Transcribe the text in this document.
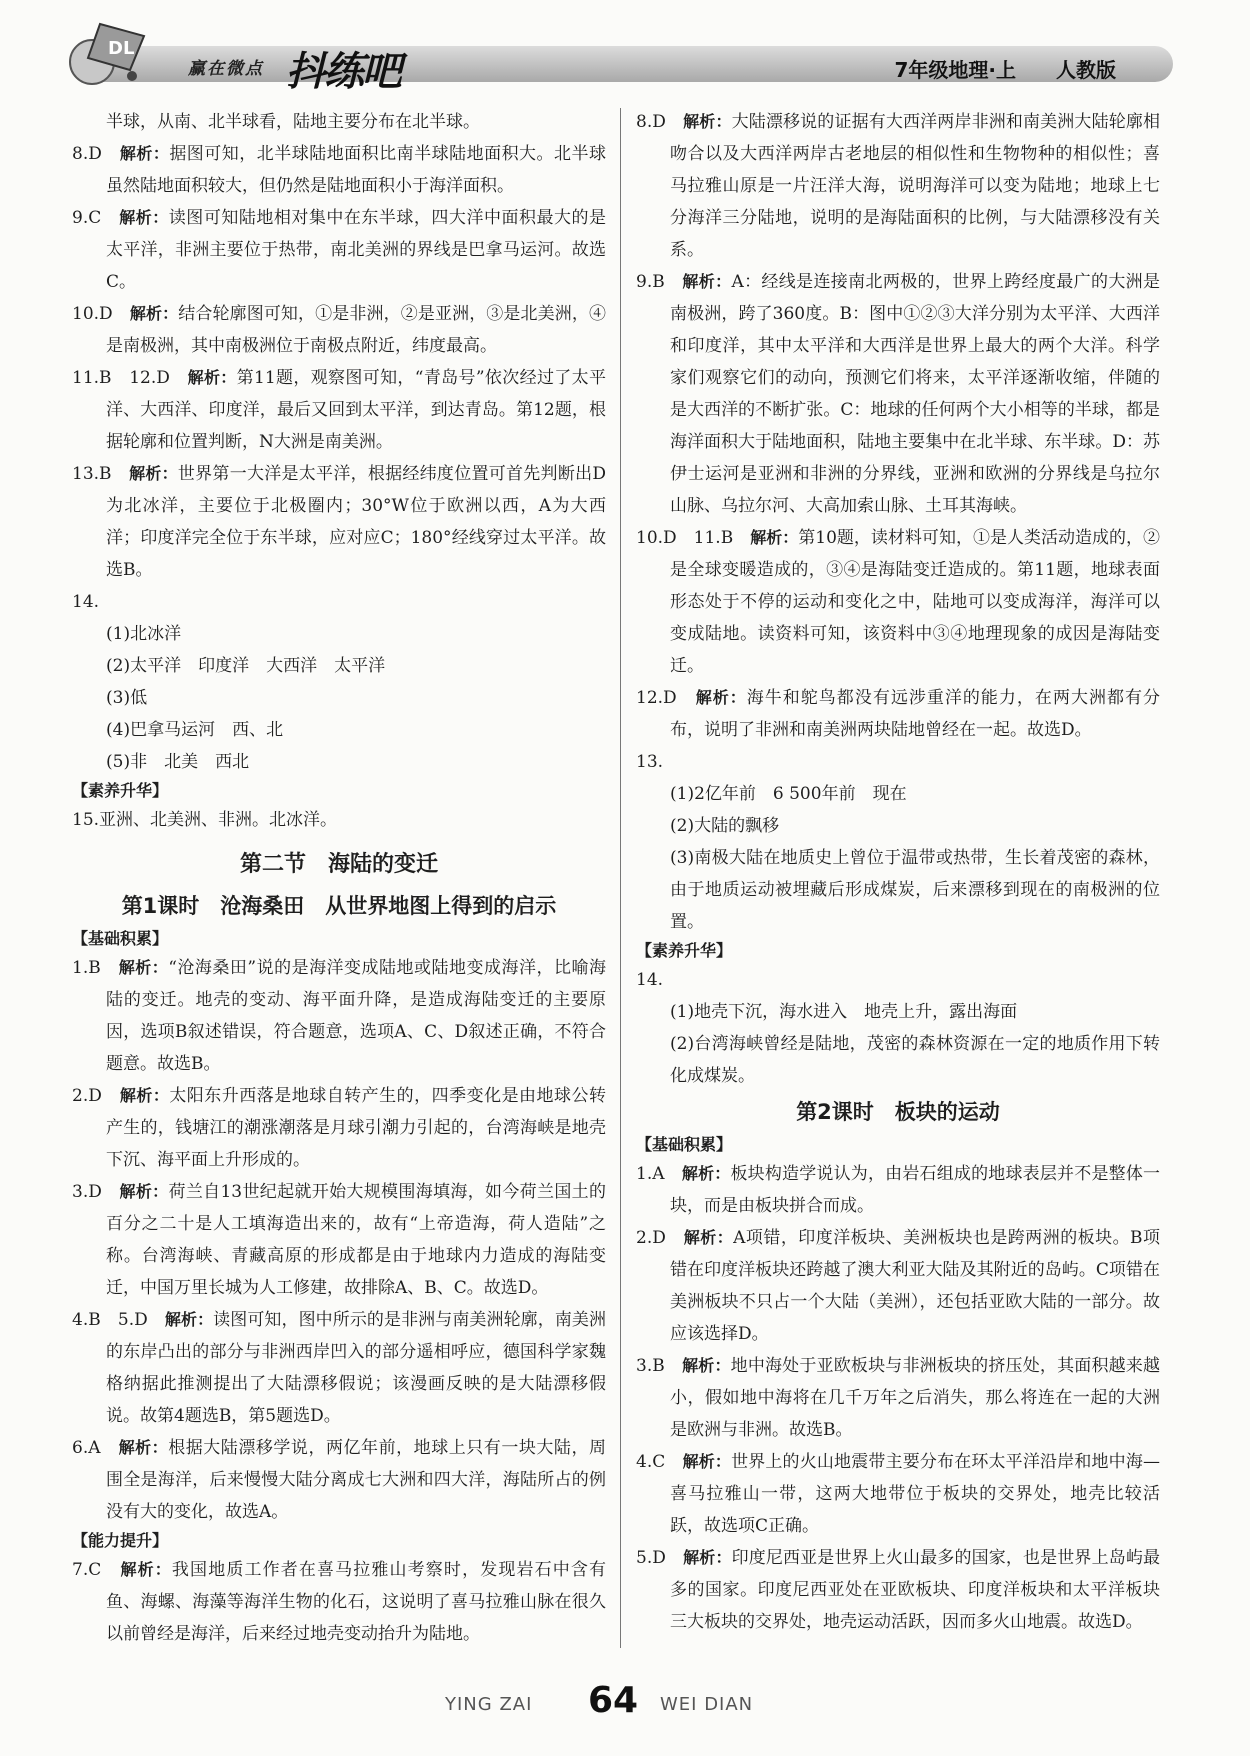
DL
赢在微点 抖练吧	7年级地理·上 人教版

半球，从南、北半球看，陆地主要分布在北半球。

8.D　 解析：据图可知，北半球陆地面积比南半球陆地面积大。北半球虽然陆地面积较大，但仍然是陆地面积小于海洋面积。

9.C　 解析：读图可知陆地相对集中在东半球，四大洋中面积最大的是太平洋，非洲主要位于热带，南北美洲的界线是巴拿马运河。故选C。

10.D　 解析：结合轮廓图可知，①是非洲，②是亚洲，③是北美洲，④是南极洲，其中南极洲位于南极点附近，纬度最高。

11.B　12.D　 解析：第11题，观察图可知，“青岛号”依次经过了太平洋、大西洋、印度洋，最后又回到太平洋，到达青岛。第12题，根据轮廓和位置判断，N大洲是南美洲。

13.B　 解析：世界第一大洋是太平洋，根据经纬度位置可首先判断出D为北冰洋，主要位于北极圈内；30°W位于欧洲以西，A为大西洋；印度洋完全位于东半球，应对应C；180°经线穿过太平洋。故选B。

14.

(1)北冰洋

(2)太平洋　印度洋　大西洋　太平洋

(3)低

(4)巴拿马运河　西、北

(5)非　北美　西北

【素养升华】

15.亚洲、北美洲、非洲。北冰洋。

第二节　海陆的变迁

第1课时　沧海桑田　从世界地图上得到的启示

【基础积累】

1.B　 解析：“沧海桑田”说的是海洋变成陆地或陆地变成海洋，比喻海陆的变迁。地壳的变动、海平面升降，是造成海陆变迁的主要原因，选项B叙述错误，符合题意，选项A、C、D叙述正确，不符合题意。故选B。

2.D　 解析：太阳东升西落是地球自转产生的，四季变化是由地球公转产生的，钱塘江的潮涨潮落是月球引潮力引起的，台湾海峡是地壳下沉、海平面上升形成的。

3.D　 解析：荷兰自13世纪起就开始大规模围海填海，如今荷兰国土的百分之二十是人工填海造出来的，故有“上帝造海，荷人造陆”之称。台湾海峡、青藏高原的形成都是由于地球内力造成的海陆变迁，中国万里长城为人工修建，故排除A、B、C。故选D。

4.B　5.D　 解析：读图可知，图中所示的是非洲与南美洲轮廓，南美洲的东岸凸出的部分与非洲西岸凹入的部分遥相呼应，德国科学家魏格纳据此推测提出了大陆漂移假说；该漫画反映的是大陆漂移假说。故第4题选B，第5题选D。

6.A　 解析：根据大陆漂移学说，两亿年前，地球上只有一块大陆，周围全是海洋，后来慢慢大陆分离成七大洲和四大洋，海陆所占的例没有大的变化，故选A。

【能力提升】

7.C　 解析：我国地质工作者在喜马拉雅山考察时，发现岩石中含有鱼、海螺、海藻等海洋生物的化石，这说明了喜马拉雅山脉在很久以前曾经是海洋，后来经过地壳变动抬升为陆地。

8.D　 解析：大陆漂移说的证据有大西洋两岸非洲和南美洲大陆轮廓相吻合以及大西洋两岸古老地层的相似性和生物物种的相似性；喜马拉雅山原是一片汪洋大海，说明海洋可以变为陆地；地球上七分海洋三分陆地，说明的是海陆面积的比例，与大陆漂移没有关系。

9.B　 解析：A：经线是连接南北两极的，世界上跨经度最广的大洲是南极洲，跨了360度。B：图中①②③大洋分别为太平洋、大西洋和印度洋，其中太平洋和大西洋是世界上最大的两个大洋。科学家们观察它们的动向，预测它们将来，太平洋逐渐收缩，伴随的是大西洋的不断扩张。C：地球的任何两个大小相等的半球，都是海洋面积大于陆地面积，陆地主要集中在北半球、东半球。D：苏伊士运河是亚洲和非洲的分界线，亚洲和欧洲的分界线是乌拉尔山脉、乌拉尔河、大高加索山脉、土耳其海峡。

10.D　11.B　 解析：第10题，读材料可知，①是人类活动造成的，②是全球变暖造成的，③④是海陆变迁造成的。第11题，地球表面形态处于不停的运动和变化之中，陆地可以变成海洋，海洋可以变成陆地。读资料可知，该资料中③④地理现象的成因是海陆变迁。

12.D　 解析：海牛和鸵鸟都没有远涉重洋的能力，在两大洲都有分布，说明了非洲和南美洲两块陆地曾经在一起。故选D。

13.

(1)2亿年前　6 500年前　现在

(2)大陆的飘移

(3)南极大陆在地质史上曾位于温带或热带，生长着茂密的森林，由于地质运动被埋藏后形成煤炭，后来漂移到现在的南极洲的位置。

【素养升华】

14.

(1)地壳下沉，海水进入　地壳上升，露出海面

(2)台湾海峡曾经是陆地，茂密的森林资源在一定的地质作用下转化成煤炭。

第2课时　板块的运动

【基础积累】

1.A　 解析：板块构造学说认为，由岩石组成的地球表层并不是整体一块，而是由板块拼合而成。

2.D　 解析：A项错，印度洋板块、美洲板块也是跨两洲的板块。B项错在印度洋板块还跨越了澳大利亚大陆及其附近的岛屿。C项错在美洲板块不只占一个大陆（美洲），还包括亚欧大陆的一部分。故应该选择D。

3.B　 解析：地中海处于亚欧板块与非洲板块的挤压处，其面积越来越小，假如地中海将在几千万年之后消失，那么将连在一起的大洲是欧洲与非洲。故选B。

4.C　 解析：世界上的火山地震带主要分布在环太平洋沿岸和地中海—喜马拉雅山一带，这两大地带位于板块的交界处，地壳比较活跃，故选项C正确。

5.D　 解析：印度尼西亚是世界上火山最多的国家，也是世界上岛屿最多的国家。印度尼西亚处在亚欧板块、印度洋板块和太平洋板块三大板块的交界处，地壳运动活跃，因而多火山地震。故选D。

YING ZAI 64 WEI DIAN
